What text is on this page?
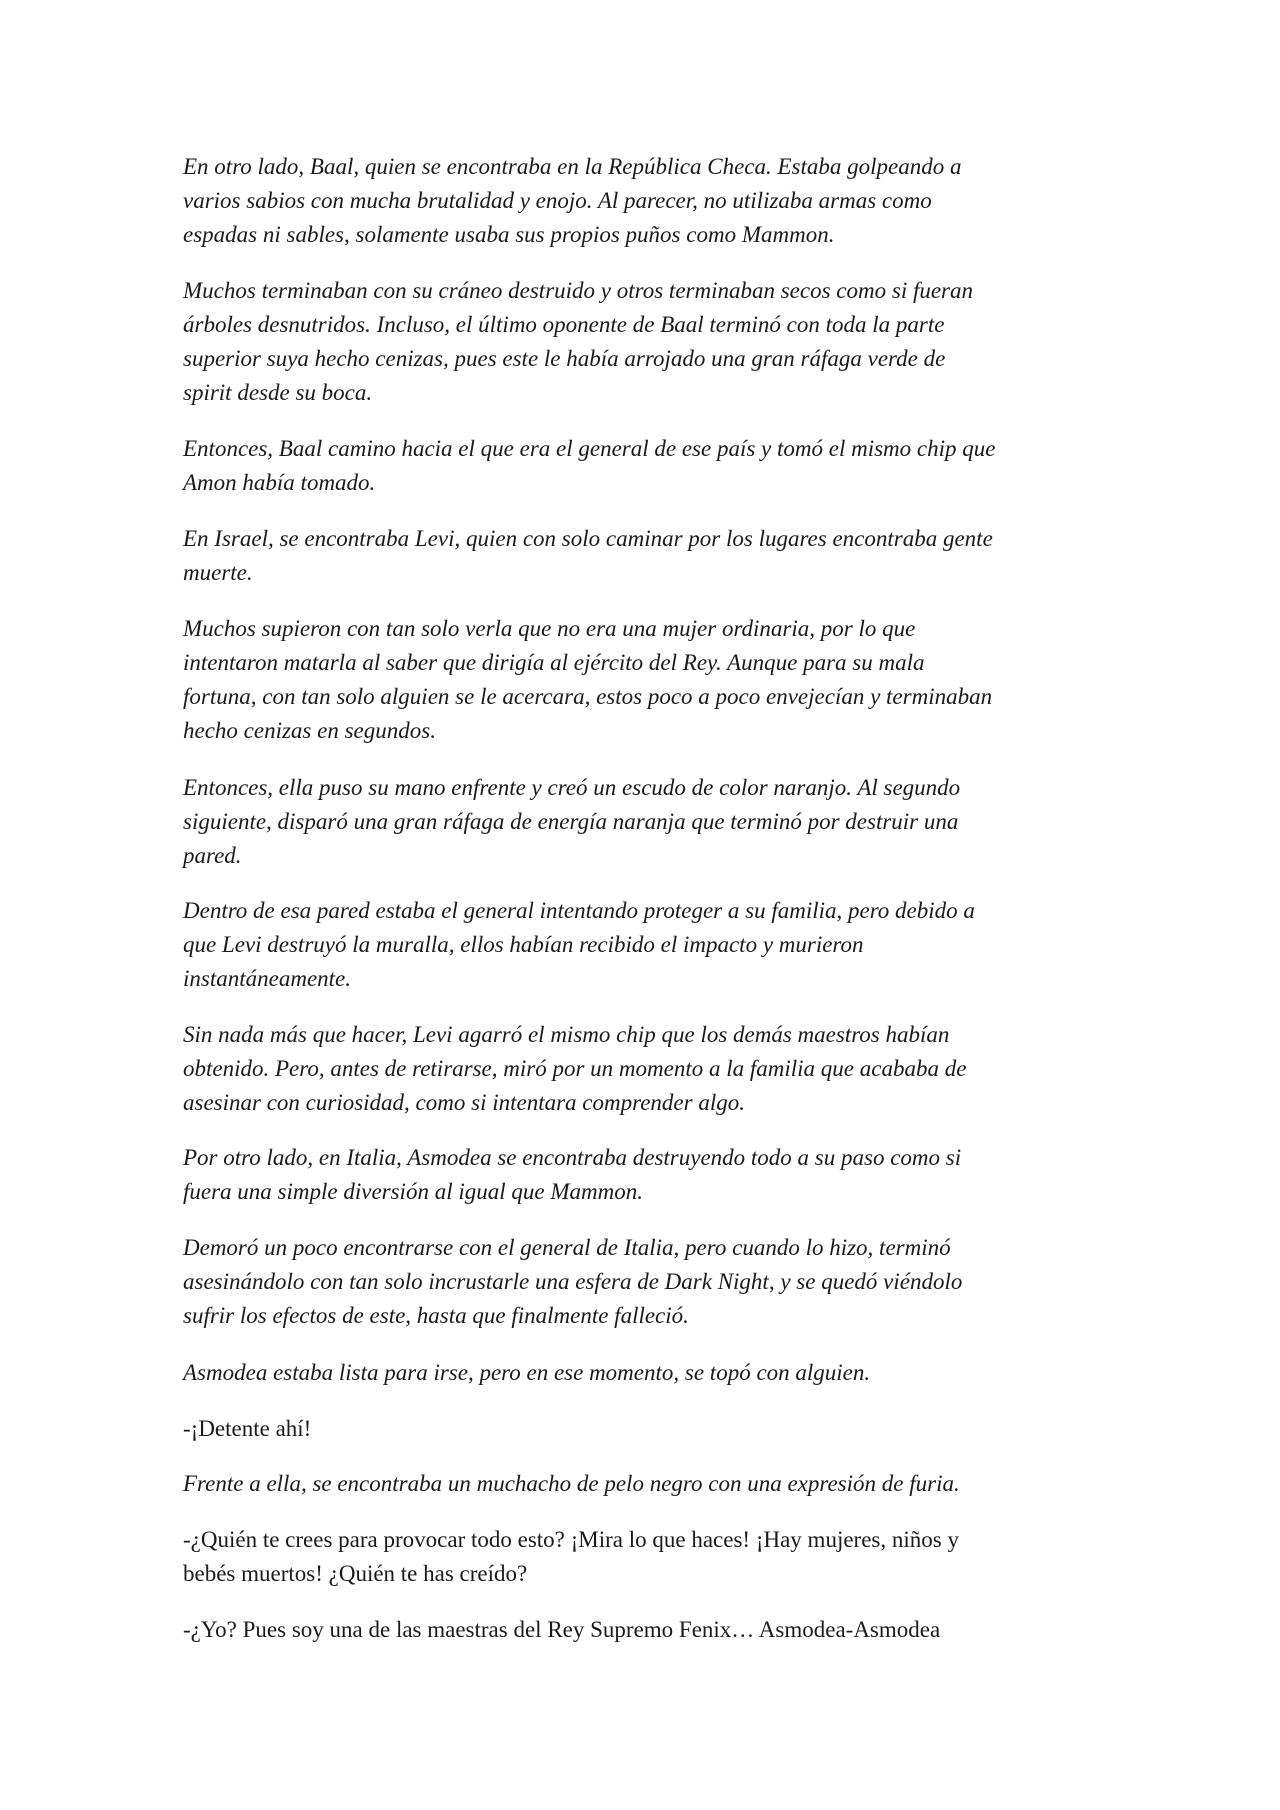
En otro lado, Baal, quien se encontraba en la República Checa. Estaba golpeando a
varios sabios con mucha brutalidad y enojo. Al parecer, no utilizaba armas como
espadas ni sables, solamente usaba sus propios puños como Mammon.

Muchos terminaban con su cráneo destruido y otros terminaban secos como si fueran
árboles desnutridos. Incluso, el último oponente de Baal terminó con toda la parte
superior suya hecho cenizas, pues este le había arrojado una gran ráfaga verde de
spirit desde su boca.

Entonces, Baal camino hacia el que era el general de ese país y tomó el mismo chip que
Amon había tomado.

En Israel, se encontraba Levi, quien con solo caminar por los lugares encontraba gente
muerte.

Muchos supieron con tan solo verla que no era una mujer ordinaria, por lo que
intentaron matarla al saber que dirigía al ejército del Rey. Aunque para su mala
fortuna, con tan solo alguien se le acercara, estos poco a poco envejecían y terminaban
hecho cenizas en segundos.

Entonces, ella puso su mano enfrente y creó un escudo de color naranjo. Al segundo
siguiente, disparó una gran ráfaga de energía naranja que terminó por destruir una
pared.

Dentro de esa pared estaba el general intentando proteger a su familia, pero debido a
que Levi destruyó la muralla, ellos habían recibido el impacto y murieron
instantáneamente.

Sin nada más que hacer, Levi agarró el mismo chip que los demás maestros habían
obtenido. Pero, antes de retirarse, miró por un momento a la familia que acababa de
asesinar con curiosidad, como si intentara comprender algo.

Por otro lado, en Italia, Asmodea se encontraba destruyendo todo a su paso como si
fuera una simple diversión al igual que Mammon.

Demoró un poco encontrarse con el general de Italia, pero cuando lo hizo, terminó
asesinándolo con tan solo incrustarle una esfera de Dark Night, y se quedó viéndolo
sufrir los efectos de este, hasta que finalmente falleció.

Asmodea estaba lista para irse, pero en ese momento, se topó con alguien.

-¡Detente ahí!

Frente a ella, se encontraba un muchacho de pelo negro con una expresión de furia.

-¿Quién te crees para provocar todo esto? ¡Mira lo que haces! ¡Hay mujeres, niños y
bebés muertos! ¿Quién te has creído?

-¿Yo? Pues soy una de las maestras del Rey Supremo Fenix… Asmodea-Asmodea
